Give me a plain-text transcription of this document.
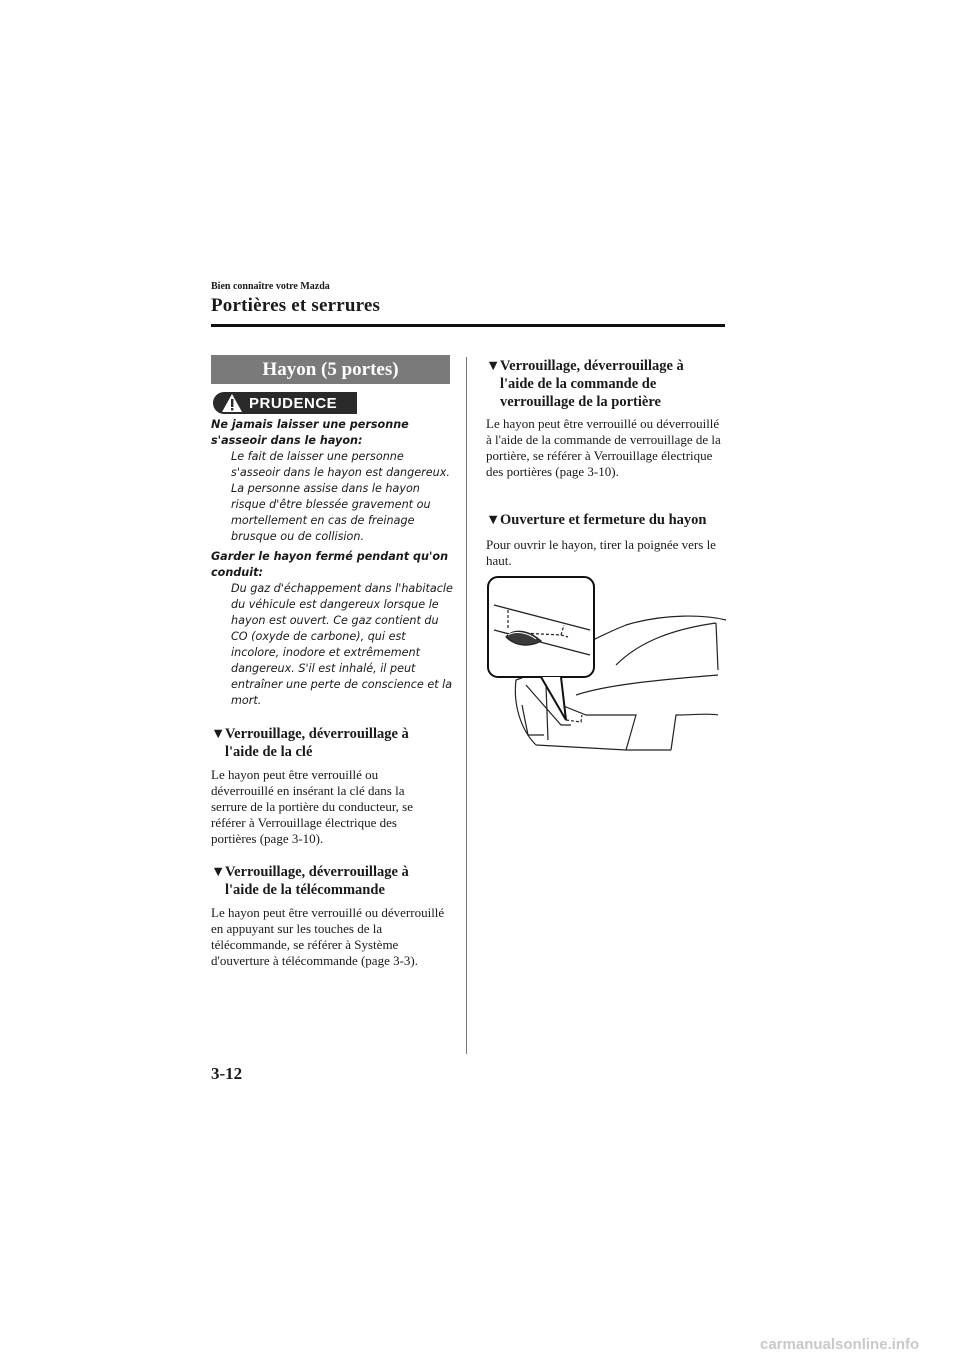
Bien connaître votre Mazda
Portières et serrures
Hayon (5 portes)
PRUDENCE
Ne jamais laisser une personne s'asseoir dans le hayon:
Le fait de laisser une personne s'asseoir dans le hayon est dangereux. La personne assise dans le hayon risque d'être blessée gravement ou mortellement en cas de freinage brusque ou de collision.
Garder le hayon fermé pendant qu'on conduit:
Du gaz d'échappement dans l'habitacle du véhicule est dangereux lorsque le hayon est ouvert. Ce gaz contient du CO (oxyde de carbone), qui est incolore, inodore et extrêmement dangereux. S'il est inhalé, il peut entraîner une perte de conscience et la mort.
▼Verrouillage, déverrouillage à
l'aide de la clé
Le hayon peut être verrouillé ou déverrouillé en insérant la clé dans la serrure de la portière du conducteur, se référer à Verrouillage électrique des portières (page 3-10).
▼Verrouillage, déverrouillage à
l'aide de la télécommande
Le hayon peut être verrouillé ou déverrouillé en appuyant sur les touches de la télécommande, se référer à Système d'ouverture à télécommande (page 3-3).
▼Verrouillage, déverrouillage à
l'aide de la commande de
verrouillage de la portière
Le hayon peut être verrouillé ou déverrouillé à l'aide de la commande de verrouillage de la portière, se référer à Verrouillage électrique des portières (page 3-10).
▼Ouverture et fermeture du hayon
Pour ouvrir le hayon, tirer la poignée vers le haut.
3-12
carmanualsonline.info
